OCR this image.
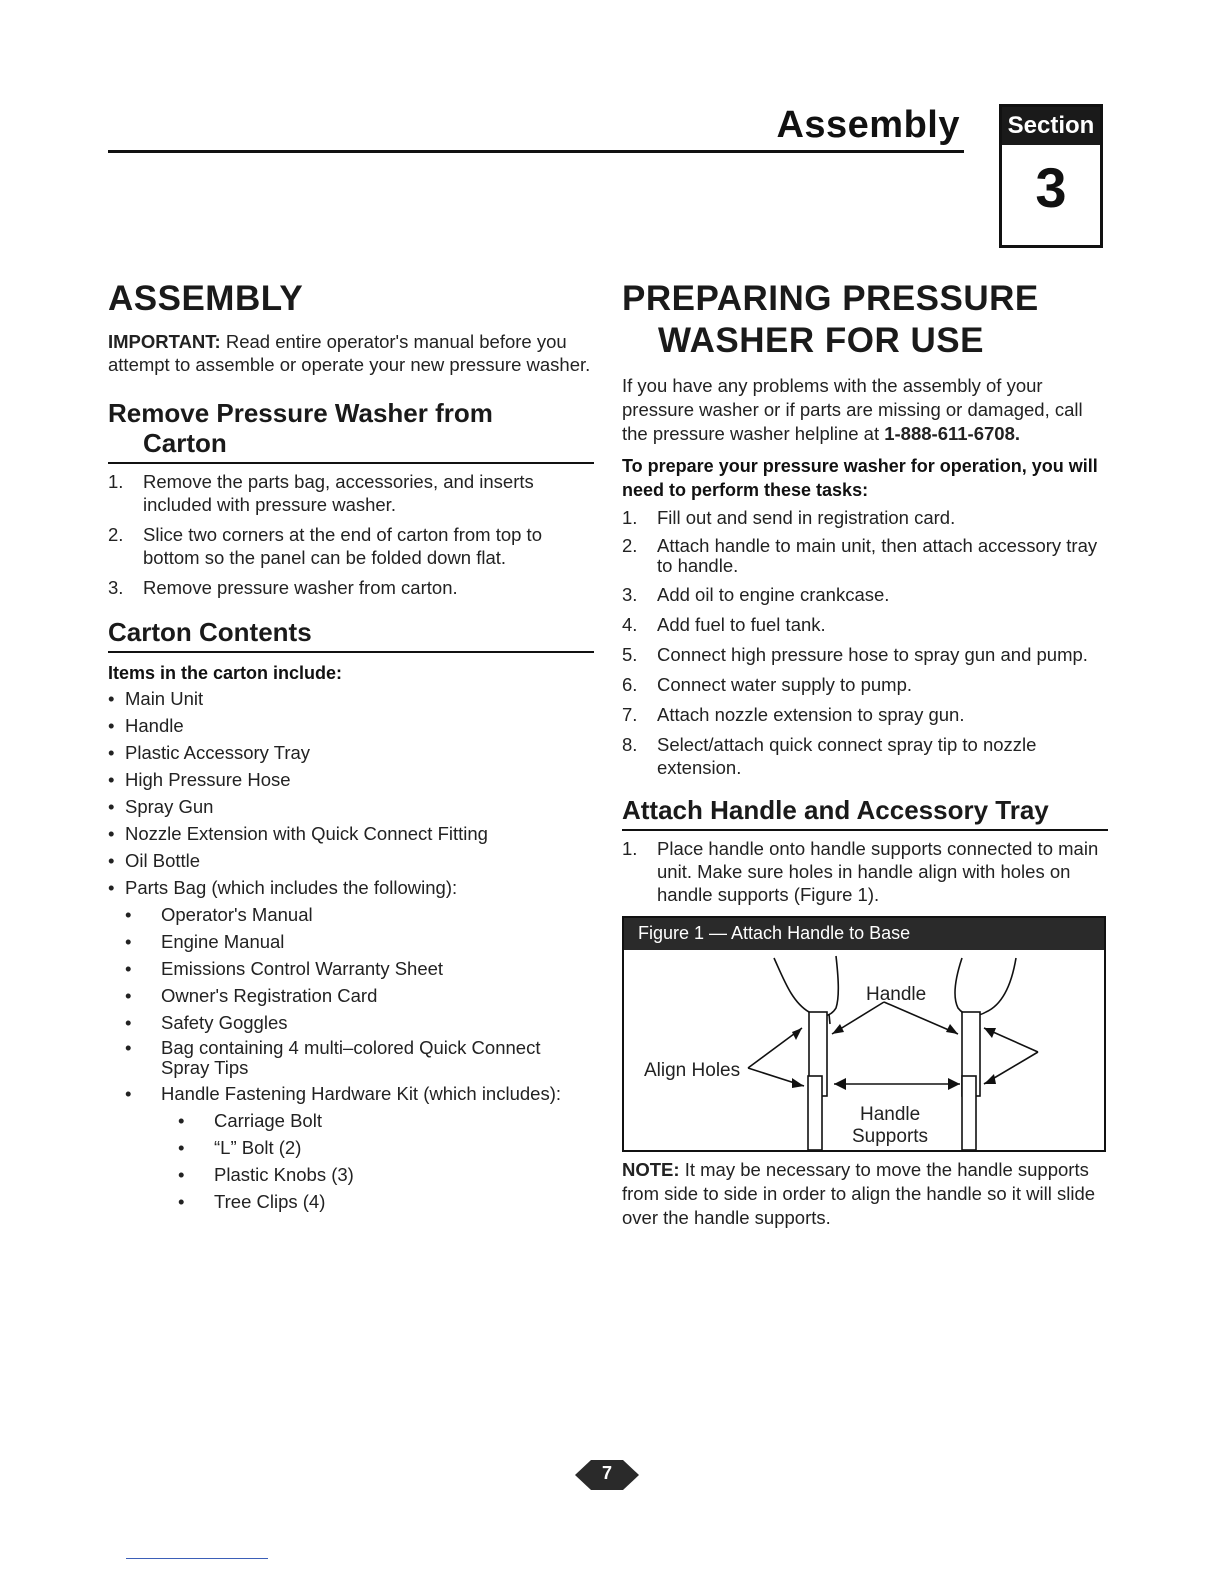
Assembly Section
3
ASSEMBLY

IMPORTANT: Read entire operator's manual before you attempt to assemble or operate your new pressure washer.

Remove Pressure Washer from
Carton
1. Remove the parts bag, accessories, and inserts included with pressure washer.
2. Slice two corners at the end of carton from top to bottom so the panel can be folded down flat.
3. Remove pressure washer from carton.
Carton Contents

Items in the carton include:

• Main Unit
• Handle
• Plastic Accessory Tray
• High Pressure Hose
• Spray Gun
• Nozzle Extension with Quick Connect Fitting
• Oil Bottle
• Parts Bag (which includes the following):
• Operator's Manual
• Engine Manual
• Emissions Control Warranty Sheet
• Owner's Registration Card
• Safety Goggles
• Bag containing 4 multi–colored Quick Connect Spray Tips
• Handle Fastening Hardware Kit (which includes):
• Carriage Bolt
• “L” Bolt (2)
• Plastic Knobs (3)
• Tree Clips (4)
PREPARING PRESSURE
WASHER FOR USE

If you have any problems with the assembly of your pressure washer or if parts are missing or damaged, call the pressure washer helpline at 1-888-611-6708.

To prepare your pressure washer for operation, you will need to perform these tasks:

1. Fill out and send in registration card.
2. Attach handle to main unit, then attach accessory tray to handle.
3. Add oil to engine crankcase.
4. Add fuel to fuel tank.
5. Connect high pressure hose to spray gun and pump.
6. Connect water supply to pump.
7. Attach nozzle extension to spray gun.
8. Select/attach quick connect spray tip to nozzle extension.
Attach Handle and Accessory Tray
1. Place handle onto handle supports connected to main unit. Make sure holes in handle align with holes on handle supports (Figure 1).
Figure 1 — Attach Handle to Base
Handle
Align Holes
Handle
Supports

NOTE: It may be necessary to move the handle supports from side to side in order to align the handle so it will slide over the handle supports.

7
